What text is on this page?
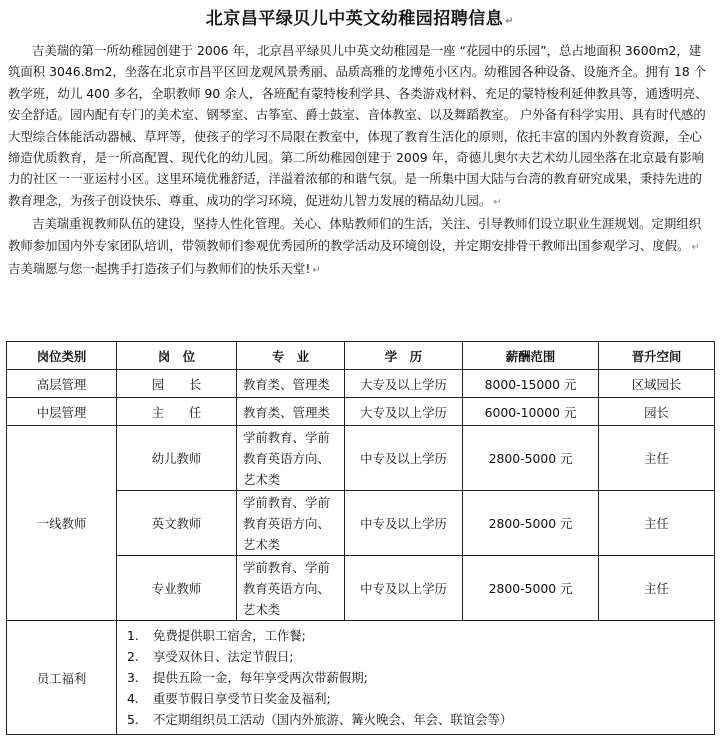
北京昌平绿贝儿中英文幼稚园招聘信息 ↵

吉美瑞的第一所幼稚园创建于 2006 年，北京昌平绿贝儿中英文幼稚园是一座 “花园中的乐园”，总占地面积 3600m2，建筑面积 3046.8m2，坐落在北京市昌平区回龙观风景秀丽、品质高雅的龙博苑小区内。幼稚园各种设备、设施齐全。拥有 18 个教学班，幼儿 400 多名，全职教师 90 余人，各班配有蒙特梭利学具、各类游戏材料、充足的蒙特梭利延伸教具等，通透明亮、安全舒适。园内配有专门的美术室、钢琴室、古筝室、爵士鼓室、音体教室、以及舞蹈教室。 户外备有科学实用、具有时代感的大型综合体能活动器械、草坪等，使孩子的学习不局限在教室中，体现了教育生活化的原则，依托丰富的国内外教育资源，全心缔造优质教育，是一所高配置、现代化的幼儿园。第二所幼稚园创建于 2009 年，奇德儿奥尔夫艺术幼儿园坐落在北京最有影响力的社区一一亚运村小区。这里环境优雅舒适，洋溢着浓郁的和谐气氛。是一所集中国大陆与台湾的教育研究成果，秉持先进的教育理念，为孩子创设快乐、尊重、成功的学习环境，促进幼儿智力发展的精品幼儿园。 ↵

吉美瑞重视教师队伍的建设，坚持人性化管理。关心、体贴教师们的生活，关注、引导教师们设立职业生涯规划。定期组织教师参加国内外专家团队培训，带领教师们参观优秀园所的教学活动及环境创设，并定期安排骨干教师出国参观学习、度假。 ↵

吉美瑞愿与您一起携手打造孩子们与教师们的快乐天堂! ↵

岗位类别	岗　位	专　业	学　历	薪酬范围	晋升空间
高层管理	园　　长	教育类、管理类	大专及以上学历	8000-15000 元	区域园长
中层管理	主　　任	教育类、管理类	大专及以上学历	6000-10000 元	园长
一线教师	幼儿教师	学前教育、学前
教育英语方向、
艺术类	中专及以上学历	2800-5000 元	主任
	英文教师	学前教育、学前
教育英语方向、
艺术类	中专及以上学历	2800-5000 元	主任
	专业教师	学前教育、学前
教育英语方向、
艺术类	中专及以上学历	2800-5000 元	主任
员工福利	1. 免费提供职工宿舍，工作餐;
2. 享受双休日、法定节假日;
3. 提供五险一金，每年享受两次带薪假期;
4. 重要节假日享受节日奖金及福利;
5. 不定期组织员工活动（国内外旅游、篝火晚会、年会、联谊会等）				
